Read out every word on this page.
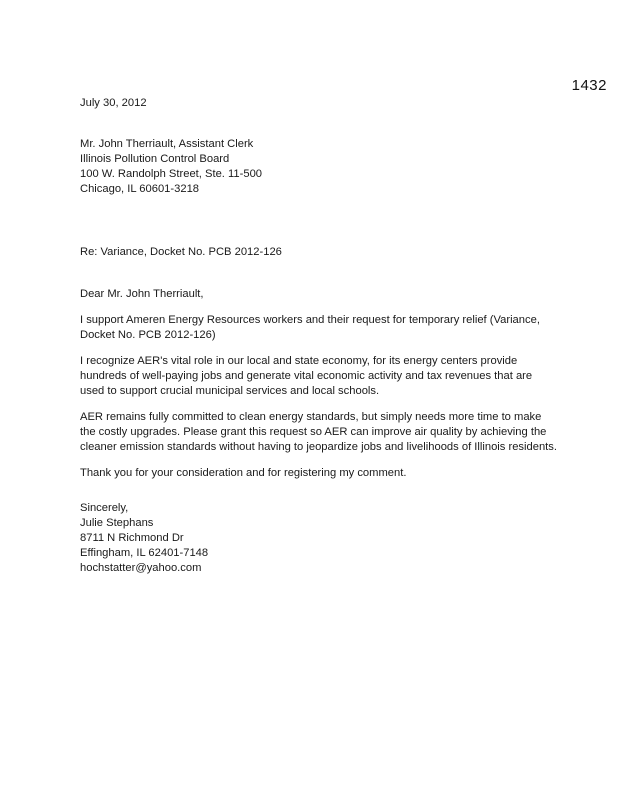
1432
July 30, 2012
Mr. John Therriault, Assistant Clerk
Illinois Pollution Control Board
100 W. Randolph Street, Ste. 11-500
Chicago, IL 60601-3218
Re: Variance, Docket No. PCB 2012-126
Dear Mr. John Therriault,
I support Ameren Energy Resources workers and their request for temporary relief (Variance,
Docket No. PCB 2012-126)
I recognize AER's vital role in our local and state economy, for its energy centers provide
hundreds of well-paying jobs and generate vital economic activity and tax revenues that are
used to support crucial municipal services and local schools.
AER remains fully committed to clean energy standards, but simply needs more time to make
the costly upgrades. Please grant this request so AER can improve air quality by achieving the
cleaner emission standards without having to jeopardize jobs and livelihoods of Illinois residents.
Thank you for your consideration and for registering my comment.
Sincerely,
Julie Stephans
8711 N Richmond Dr
Effingham, IL 62401-7148
hochstatter@yahoo.com
